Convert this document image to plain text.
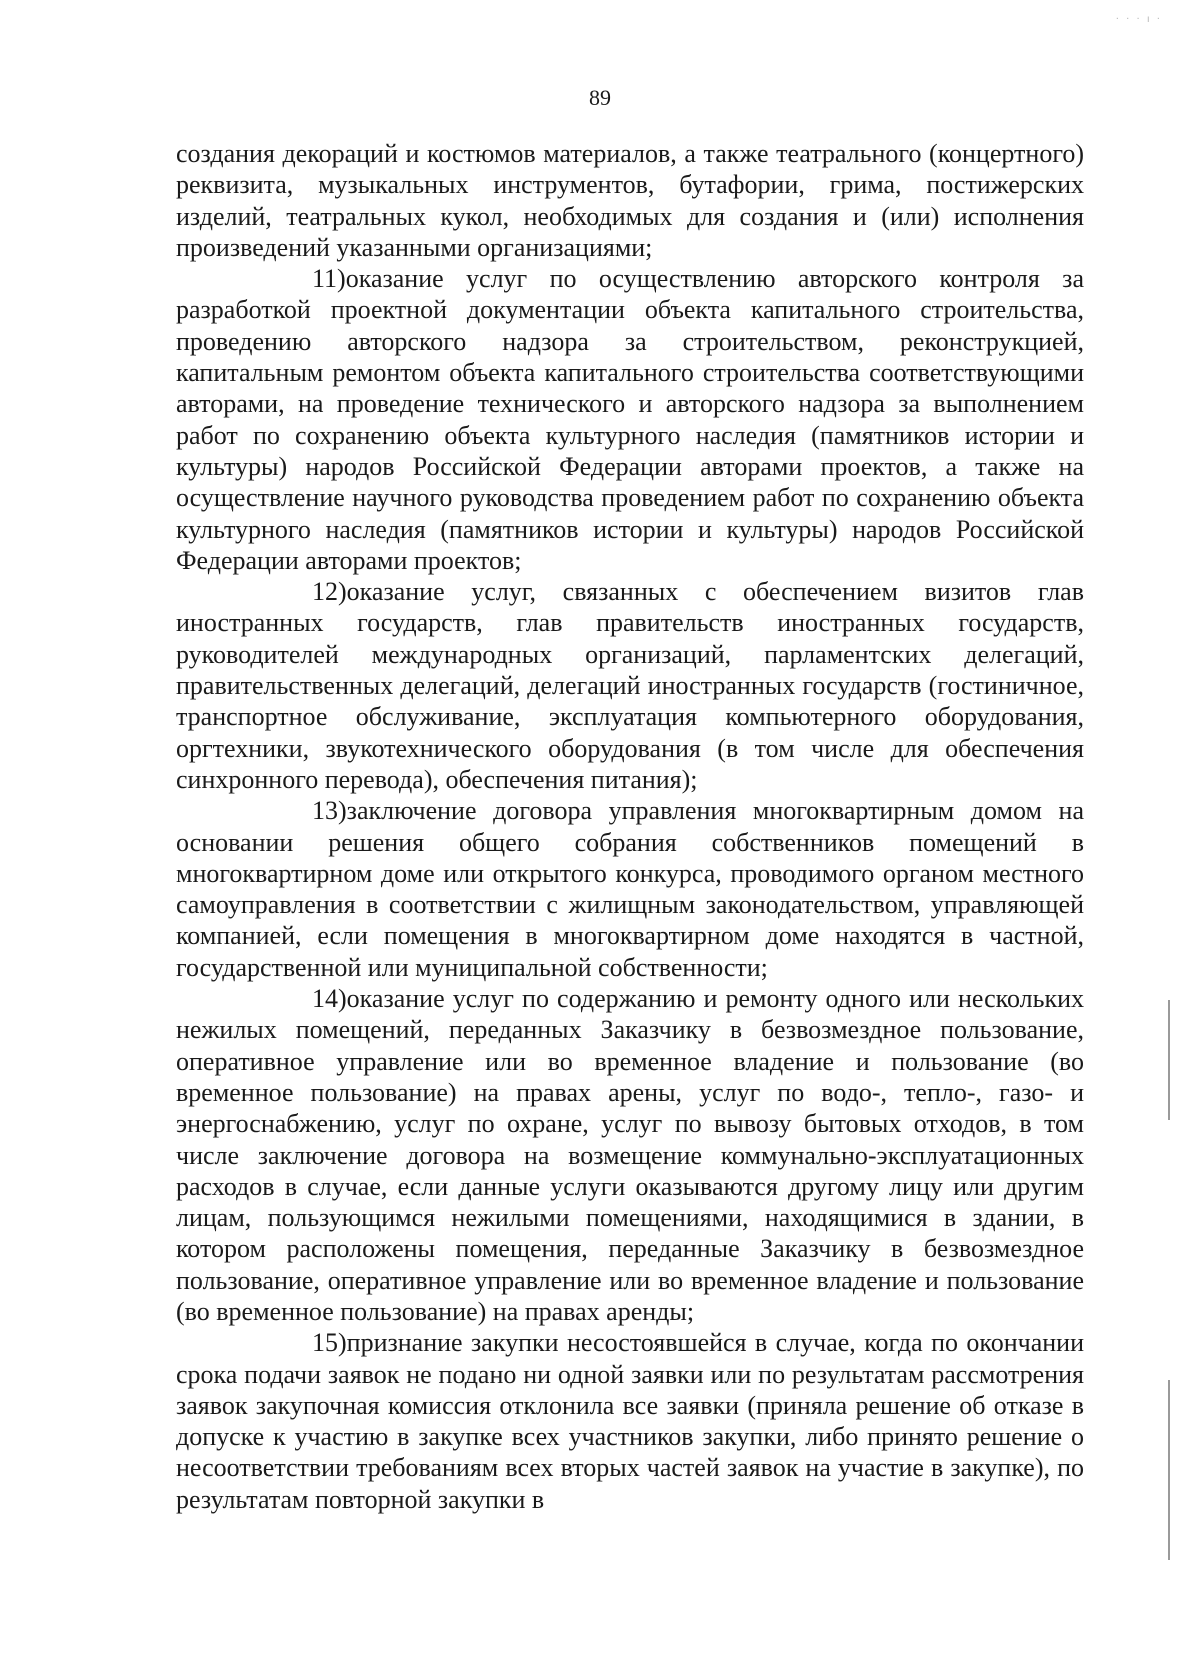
· · · ı ·
89

создания декораций и костюмов материалов, а также театрального (концертного) реквизита, музыкальных инструментов, бутафории, грима, постижерских изделий, театральных кукол, необходимых для создания и (или) исполнения произведений указанными организациями;

11)оказание услуг по осуществлению авторского контроля за разработкой проектной документации объекта капитального строительства, проведению авторского надзора за строительством, реконструкцией, капитальным ремонтом объекта капитального строительства соответствующими авторами, на проведение технического и авторского надзора за выполнением работ по сохранению объекта культурного наследия (памятников истории и культуры) народов Российской Федерации авторами проектов, а также на осуществление научного руководства проведением работ по сохранению объекта культурного наследия (памятников истории и культуры) народов Российской Федерации авторами проектов;

12)оказание услуг, связанных с обеспечением визитов глав иностранных государств, глав правительств иностранных государств, руководителей международных организаций, парламентских делегаций, правительственных делегаций, делегаций иностранных государств (гостиничное, транспортное обслуживание, эксплуатация компьютерного оборудования, оргтехники, звукотехнического оборудования (в том числе для обеспечения синхронного перевода), обеспечения питания);

13)заключение договора управления многоквартирным домом на основании решения общего собрания собственников помещений в многоквартирном доме или открытого конкурса, проводимого органом местного самоуправления в соответствии с жилищным законодательством, управляющей компанией, если помещения в многоквартирном доме находятся в частной, государственной или муниципальной собственности;

14)оказание услуг по содержанию и ремонту одного или нескольких нежилых помещений, переданных Заказчику в безвозмездное пользование, оперативное управление или во временное владение и пользование (во временное пользование) на правах арены, услуг по водо-, тепло-, газо- и энергоснабжению, услуг по охране, услуг по вывозу бытовых отходов, в том числе заключение договора на возмещение коммунально-эксплуатационных расходов в случае, если данные услуги оказываются другому лицу или другим лицам, пользующимся нежилыми помещениями, находящимися в здании, в котором расположены помещения, переданные Заказчику в безвозмездное пользование, оперативное управление или во временное владение и пользование (во временное пользование) на правах аренды;

15)признание закупки несостоявшейся в случае, когда по окончании срока подачи заявок не подано ни одной заявки или по результатам рассмотрения заявок закупочная комиссия отклонила все заявки (приняла решение об отказе в допуске к участию в закупке всех участников закупки, либо принято решение о несоответствии требованиям всех вторых частей заявок на участие в закупке), по результатам повторной закупки в
